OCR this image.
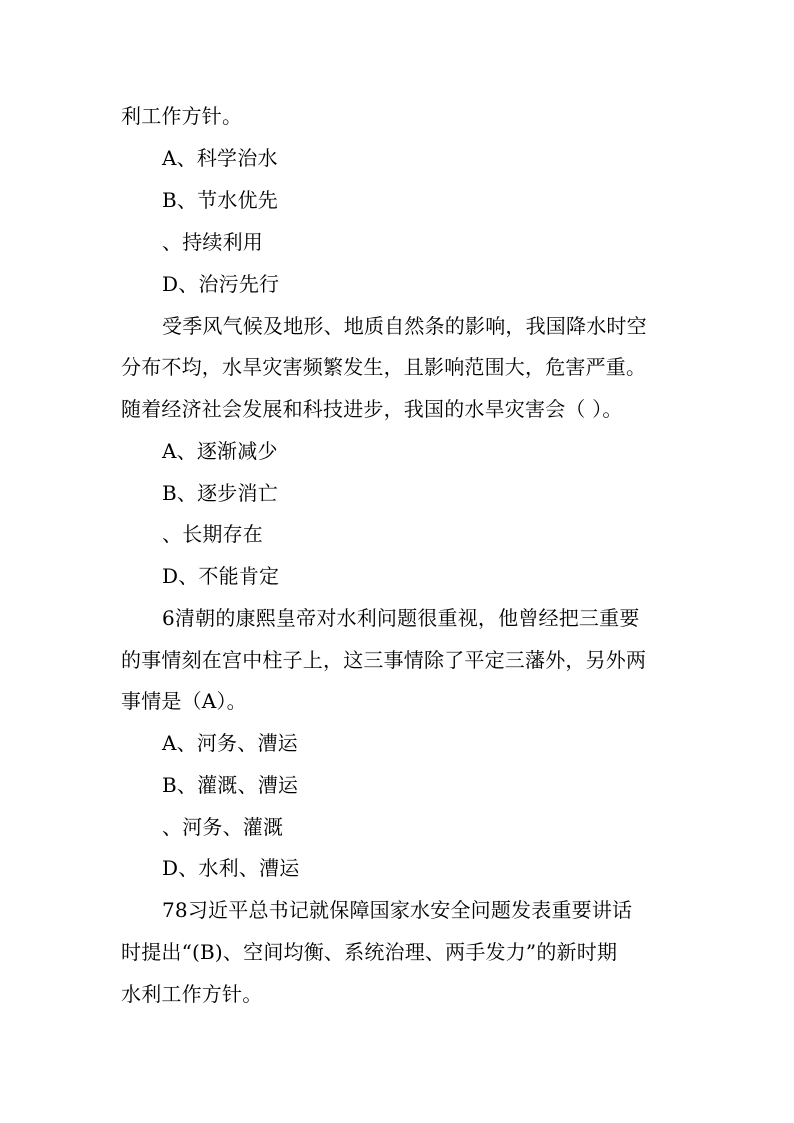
利工作方针。
A、科学治水
B、节水优先
、持续利用
D、治污先行
受季风气候及地形、地质自然条的影响，我国降水时空
分布不均，水旱灾害频繁发生，且影响范围大，危害严重。
随着经济社会发展和科技进步，我国的水旱灾害会（ ）。
A、逐渐减少
B、逐步消亡
、长期存在
D、不能肯定
6清朝的康熙皇帝对水利问题很重视，他曾经把三重要
的事情刻在宫中柱子上，这三事情除了平定三藩外，另外两
事情是（A）。
A、河务、漕运
B、灌溉、漕运
、河务、灌溉
D、水利、漕运
78习近平总书记就保障国家水安全问题发表重要讲话
时提出“(B)、空间均衡、系统治理、两手发力”的新时期
水利工作方针。
